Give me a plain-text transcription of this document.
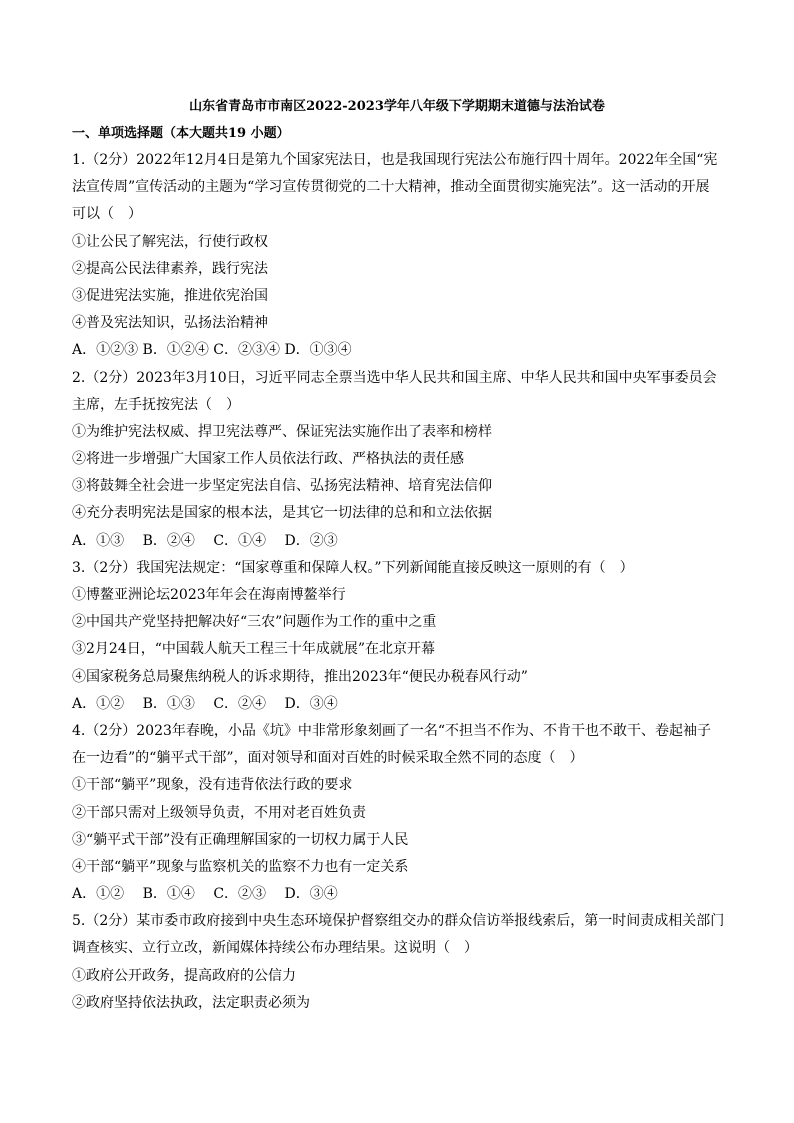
山东省青岛市市南区2022-2023学年八年级下学期期末道德与法治试卷
一、单项选择题（本大题共19 小题）
1.（2分）2022年12月4日是第九个国家宪法日，也是我国现行宪法公布施行四十周年。2022年全国“宪
法宣传周”宣传活动的主题为“学习宣传贯彻党的二十大精神，推动全面贯彻实施宪法”。这一活动的开展
可以（　）
①让公民了解宪法，行使行政权
②提高公民法律素养，践行宪法
③促进宪法实施，推进依宪治国
④普及宪法知识，弘扬法治精神
A．①②③ B．①②④ C．②③④ D．①③④
2.（2分）2023年3月10日，习近平同志全票当选中华人民共和国主席、中华人民共和国中央军事委员会
主席，左手抚按宪法（　）
①为维护宪法权威、捍卫宪法尊严、保证宪法实施作出了表率和榜样
②将进一步增强广大国家工作人员依法行政、严格执法的责任感
③将鼓舞全社会进一步坚定宪法自信、弘扬宪法精神、培育宪法信仰
④充分表明宪法是国家的根本法，是其它一切法律的总和和立法依据
A．①③ B．②④ C．①④ D．②③
3.（2分）我国宪法规定：“国家尊重和保障人权。”下列新闻能直接反映这一原则的有（　）
①博鳌亚洲论坛2023年年会在海南博鳌举行
②中国共产党坚持把解决好“三农”问题作为工作的重中之重
③2月24日，“中国载人航天工程三十年成就展”在北京开幕
④国家税务总局聚焦纳税人的诉求期待，推出2023年“便民办税春风行动”
A．①② B．①③ C．②④ D．③④
4.（2分）2023年春晚，小品《坑》中非常形象刻画了一名“不担当不作为、不肯干也不敢干、卷起袖子
在一边看”的“躺平式干部”，面对领导和面对百姓的时候采取全然不同的态度（　）
①干部“躺平”现象，没有违背依法行政的要求
②干部只需对上级领导负责，不用对老百姓负责
③“躺平式干部”没有正确理解国家的一切权力属于人民
④干部“躺平”现象与监察机关的监察不力也有一定关系
A．①② B．①④ C．②③ D．③④
5.（2分）某市委市政府接到中央生态环境保护督察组交办的群众信访举报线索后，第一时间责成相关部门
调查核实、立行立改，新闻媒体持续公布办理结果。这说明（　）
①政府公开政务，提高政府的公信力
②政府坚持依法执政，法定职责必须为
